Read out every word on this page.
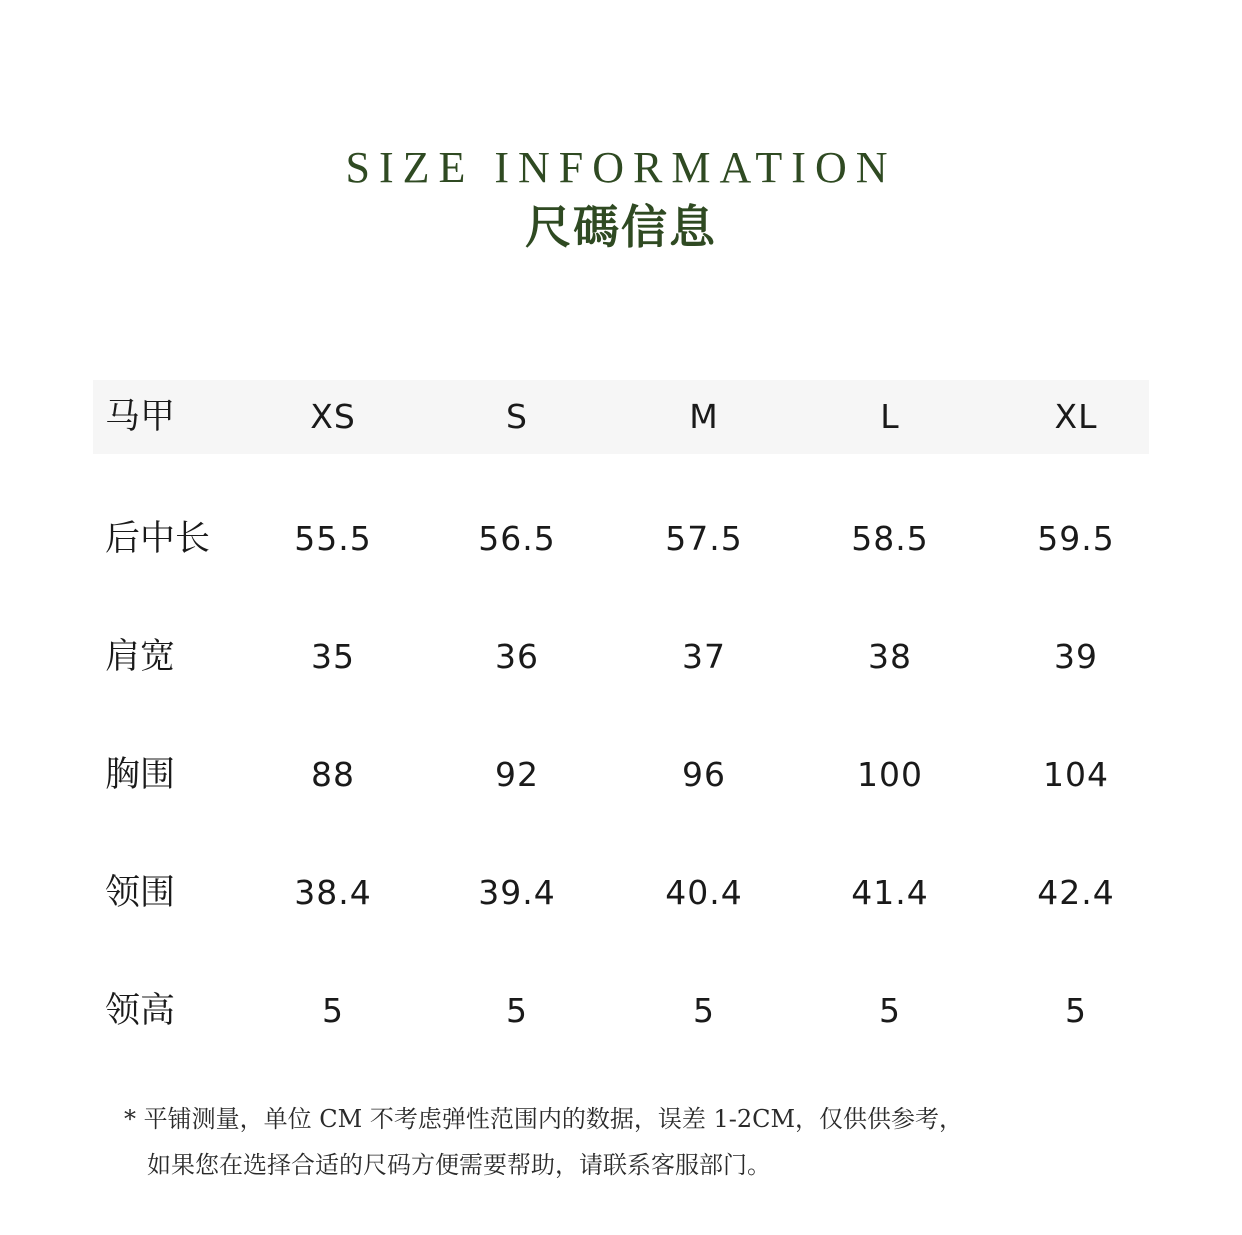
SIZE INFORMATION
尺碼信息
马甲	XS	S	M	L	XL
后中长	55.5	56.5	57.5	58.5	59.5
肩宽	35	36	37	38	39
胸围	88	92	96	100	104
领围	38.4	39.4	40.4	41.4	42.4
领高	5	5	5	5	5
* 平铺测量，单位 CM 不考虑弹性范围内的数据，误差 1-2CM，仅供供参考，
如果您在选择合适的尺码方便需要帮助，请联系客服部门。
